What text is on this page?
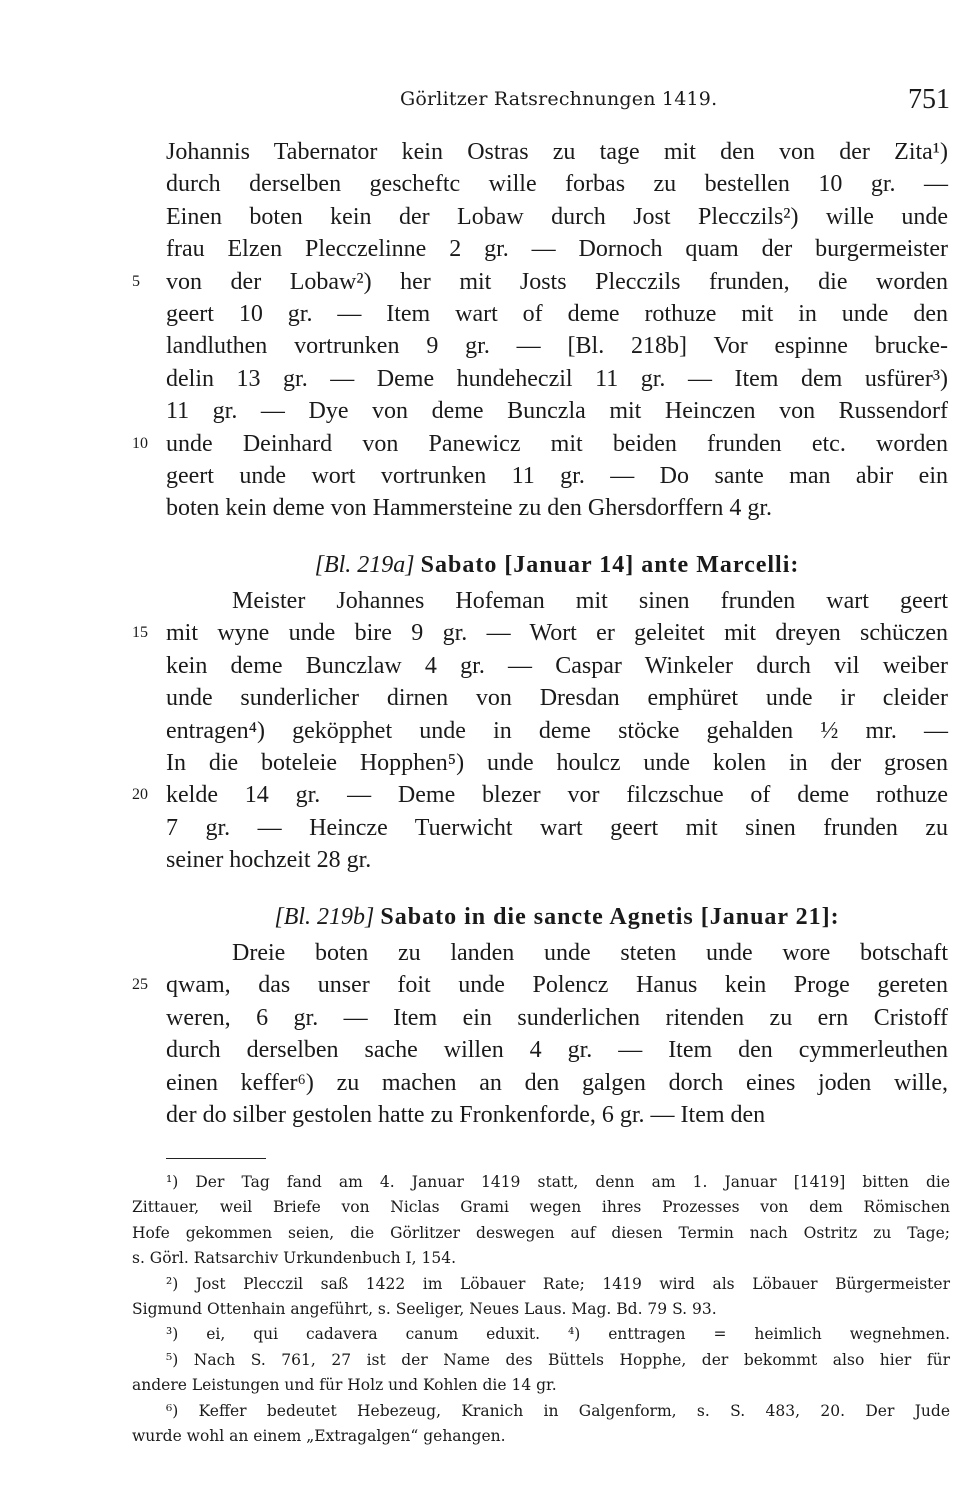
Görlitzer Ratsrechnungen 1419.	751
Johannis Tabernator kein Ostras zu tage mit den von der Zita¹)
durch derselben gescheftc wille forbas zu bestellen 10 gr. —
Einen boten kein der Lobaw durch Jost Plecczils²) wille unde
frau Elzen Plecczelinne 2 gr. — Dornoch quam der burgermeister
5	von der Lobaw²) her mit Josts Plecczils frunden, die worden
geert 10 gr. — Item wart of deme rothuze mit in unde den
landluthen vortrunken 9 gr. — [Bl. 218b] Vor espinne brucke-
delin 13 gr. — Deme hundeheczil 11 gr. — Item dem usfürer³)
11 gr. — Dye von deme Bunczla mit Heinczen von Russendorf
10 unde Deinhard von Panewicz mit beiden frunden etc. worden
geert unde wort vortrunken 11 gr. — Do sante man abir ein
boten kein deme von Hammersteine zu den Ghersdorffern 4 gr.
[Bl. 219a] Sabato [Januar 14] ante Marcelli:
Meister Johannes Hofeman mit sinen frunden wart geert
15 mit wyne unde bire 9 gr. — Wort er geleitet mit dreyen schüczen
kein deme Bunczlaw 4 gr. — Caspar Winkeler durch vil weiber
unde sunderlicher dirnen von Dresdan emphüret unde ir cleider
entragen⁴) geköpphet unde in deme stöcke gehalden ½ mr. —
In die boteleie Hopphen⁵) unde houlcz unde kolen in der grosen
20 kelde 14 gr. — Deme blezer vor filczschue of deme rothuze
7 gr. — Heincze Tuerwicht wart geert mit sinen frunden zu
seiner hochzeit 28 gr.
[Bl. 219b] Sabato in die sancte Agnetis [Januar 21]:
Dreie boten zu landen unde steten unde wore botschaft
25 qwam, das unser foit unde Polencz Hanus kein Proge gereten
weren, 6 gr. — Item ein sunderlichen ritenden zu ern Cristoff
durch derselben sache willen 4 gr. — Item den cymmerleuthen
einen keffer⁶) zu machen an den galgen dorch eines joden wille,
der do silber gestolen hatte zu Fronkenforde, 6 gr. — Item den
¹) Der Tag fand am 4. Januar 1419 statt, denn am 1. Januar [1419] bitten die
Zittauer, weil Briefe von Niclas Grami wegen ihres Prozesses von dem Römischen
Hofe gekommen seien, die Görlitzer deswegen auf diesen Termin nach Ostritz zu Tage;
s. Görl. Ratsarchiv Urkundenbuch I, 154.
²) Jost Plecczil saß 1422 im Löbauer Rate; 1419 wird als Löbauer Bürgermeister
Sigmund Ottenhain angeführt, s. Seeliger, Neues Laus. Mag. Bd. 79 S. 93.
³) ei, qui cadavera canum eduxit. ⁴) enttragen = heimlich wegnehmen.
⁵) Nach S. 761, 27 ist der Name des Büttels Hopphe, der bekommt also hier für
andere Leistungen und für Holz und Kohlen die 14 gr.
⁶) Keffer bedeutet Hebezeug, Kranich in Galgenform, s. S. 483, 20. Der Jude
wurde wohl an einem „Extragalgen“ gehangen.
